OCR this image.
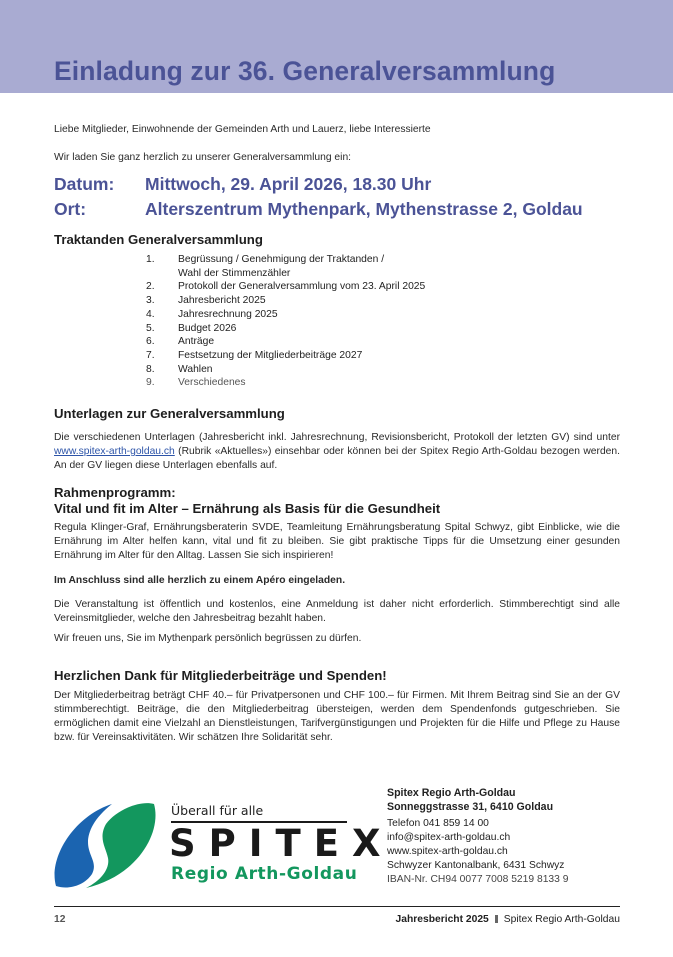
Einladung zur 36. Generalversammlung

Liebe Mitglieder, Einwohnende der Gemeinden Arth und Lauerz, liebe Interessierte

Wir laden Sie ganz herzlich zu unserer Generalversammlung ein:

Datum: Mittwoch, 29. April 2026, 18.30 Uhr
Ort:	Alterszentrum Mythenpark, Mythenstrasse 2, Goldau
Traktanden Generalversammlung
1.	Begrüssung / Genehmigung der Traktanden /
Wahl der Stimmenzähler
2.	Protokoll der Generalversammlung vom 23. April 2025
3.	Jahresbericht 2025
4.	Jahresrechnung 2025
5.	Budget 2026
6.	Anträge
7.	Festsetzung der Mitgliederbeiträge 2027
8.	Wahlen
9.	Verschiedenes
Unterlagen zur Generalversammlung

Die verschiedenen Unterlagen (Jahresbericht inkl. Jahresrechnung, Revisionsbericht, Protokoll der letzten GV) sind unter www.spitex-arth-goldau.ch (Rubrik «Aktuelles») einsehbar oder können bei der Spitex Regio Arth-Goldau bezogen werden. An der GV liegen diese Unterlagen ebenfalls auf.

Rahmenprogramm:
Vital und fit im Alter – Ernährung als Basis für die Gesundheit

Regula Klinger-Graf, Ernährungsberaterin SVDE, Teamleitung Ernährungsberatung Spital Schwyz, gibt Einblicke, wie die Ernährung im Alter helfen kann, vital und fit zu bleiben. Sie gibt praktische Tipps für die Umsetzung einer gesunden Ernährung im Alter für den Alltag. Lassen Sie sich inspirieren!

Im Anschluss sind alle herzlich zu einem Apéro eingeladen.

Die Veranstaltung ist öffentlich und kostenlos, eine Anmeldung ist daher nicht erforderlich. Stimmberechtigt sind alle Vereinsmitglieder, welche den Jahresbeitrag bezahlt haben.

Wir freuen uns, Sie im Mythenpark persönlich begrüssen zu dürfen.

Herzlichen Dank für Mitgliederbeiträge und Spenden!

Der Mitgliederbeitrag beträgt CHF 40.– für Privatpersonen und CHF 100.– für Firmen. Mit Ihrem Beitrag sind Sie an der GV stimmberechtigt. Beiträge, die den Mitgliederbeitrag übersteigen, werden dem Spendenfonds gutgeschrieben. Sie ermöglichen damit eine Vielzahl an Dienstleistungen, Tarifvergünstigungen und Projekten für die Hilfe und Pflege zu Hause bzw. für Vereinsaktivitäten. Wir schätzen Ihre Solidarität sehr.

Überall für alle
SPITEX
Regio Arth-Goldau
Spitex Regio Arth-Goldau
Sonneggstrasse 31, 6410 Goldau
Telefon 041 859 14 00
info@spitex-arth-goldau.ch
www.spitex-arth-goldau.ch
Schwyzer Kantonalbank, 6431 Schwyz
IBAN-Nr. CH94 0077 7008 5219 8133 9
12	Jahresbericht 2025 Spitex Regio Arth-Goldau
